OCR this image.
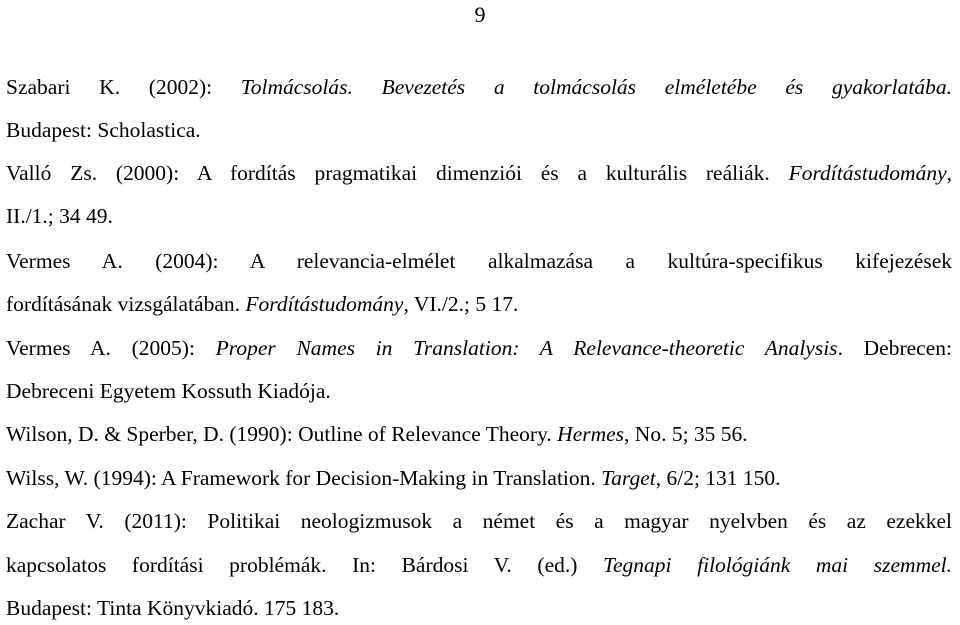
9
Szabari K. (2002): Tolmácsolás. Bevezetés a tolmácsolás elméletébe és gyakorlatába.
Budapest: Scholastica.
Valló Zs. (2000): A fordítás pragmatikai dimenziói és a kulturális reáliák. Fordítástudomány,
II./1.; 34 49.
Vermes A. (2004): A relevancia-elmélet alkalmazása a kultúra-specifikus kifejezések
fordításának vizsgálatában. Fordítástudomány, VI./2.; 5 17.
Vermes A. (2005): Proper Names in Translation: A Relevance-theoretic Analysis. Debrecen:
Debreceni Egyetem Kossuth Kiadója.
Wilson, D. & Sperber, D. (1990): Outline of Relevance Theory. Hermes, No. 5; 35 56.
Wilss, W. (1994): A Framework for Decision-Making in Translation. Target, 6/2; 131 150.
Zachar V. (2011): Politikai neologizmusok a német és a magyar nyelvben és az ezekkel
kapcsolatos fordítási problémák. In: Bárdosi V. (ed.) Tegnapi filológiánk mai szemmel.
Budapest: Tinta Könyvkiadó. 175 183.
